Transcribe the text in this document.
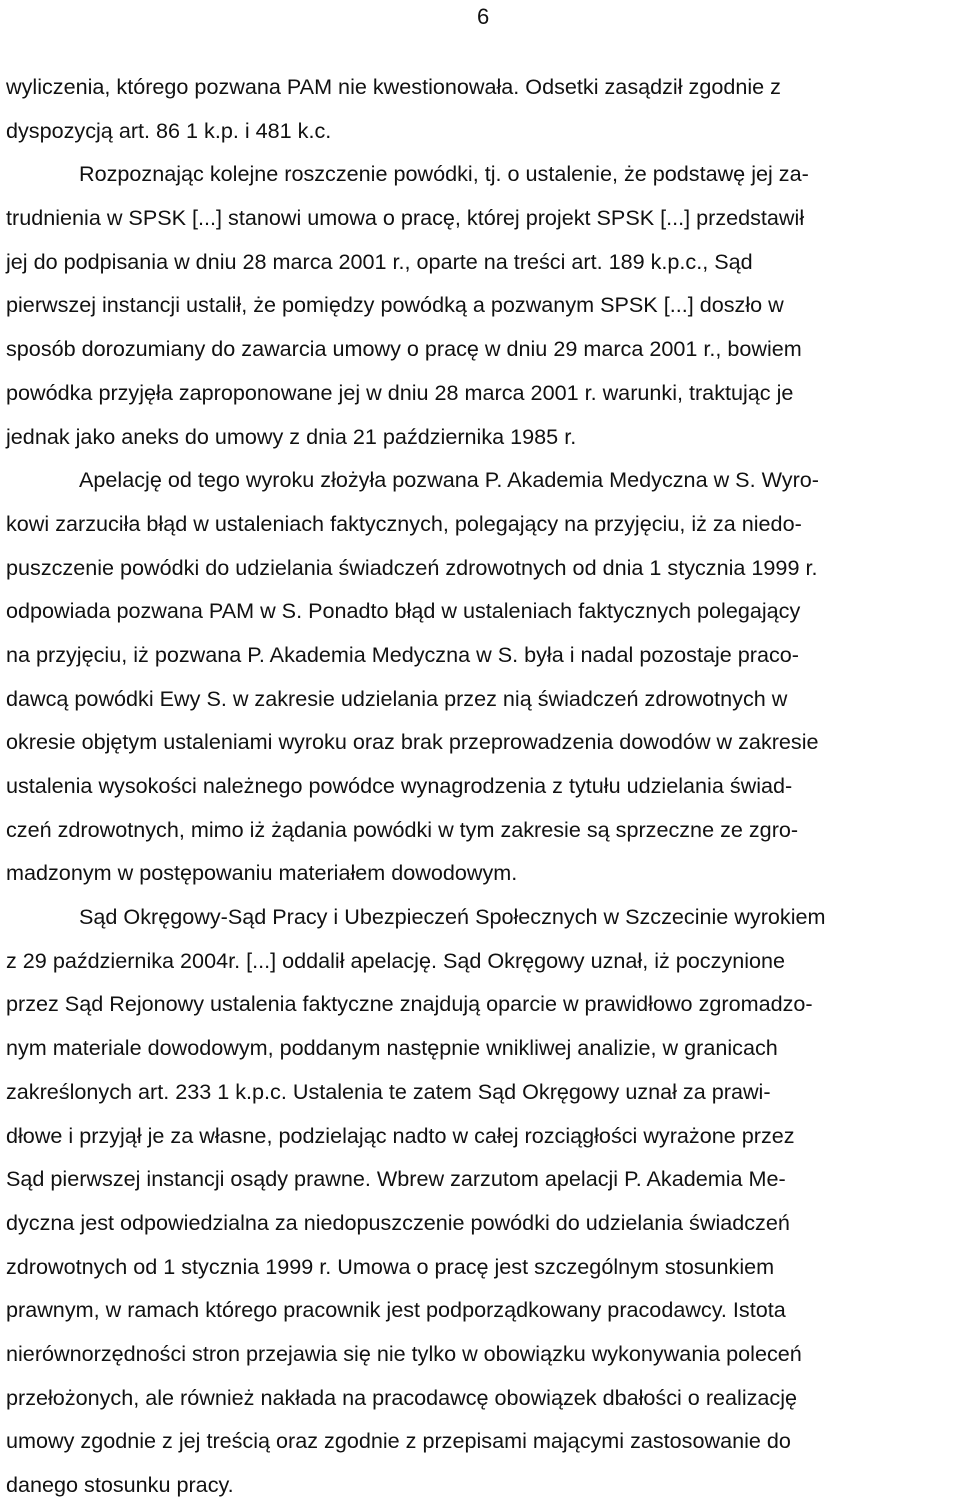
6
wyliczenia, którego pozwana PAM nie kwestionowała. Odsetki zasądził zgodnie z
dyspozycją art. 86 1 k.p. i 481 k.c.
Rozpoznając kolejne roszczenie powódki, tj. o ustalenie, że podstawę jej za-
trudnienia w SPSK [...] stanowi umowa o pracę, której projekt SPSK [...] przedstawił
jej do podpisania w dniu 28 marca 2001 r., oparte na treści art. 189 k.p.c., Sąd
pierwszej instancji ustalił, że pomiędzy powódką a pozwanym SPSK [...] doszło w
sposób dorozumiany do zawarcia umowy o pracę w dniu 29 marca 2001 r., bowiem
powódka przyjęła zaproponowane jej w dniu 28 marca 2001 r. warunki, traktując je
jednak jako aneks do umowy z dnia 21 października 1985 r.
Apelację od tego wyroku złożyła pozwana P. Akademia Medyczna w S. Wyro-
kowi zarzuciła błąd w ustaleniach faktycznych, polegający na przyjęciu, iż za niedo-
puszczenie powódki do udzielania świadczeń zdrowotnych od dnia 1 stycznia 1999 r.
odpowiada pozwana PAM w S. Ponadto błąd w ustaleniach faktycznych polegający
na przyjęciu, iż pozwana P. Akademia Medyczna w S. była i nadal pozostaje praco-
dawcą powódki Ewy S. w zakresie udzielania przez nią świadczeń zdrowotnych w
okresie objętym ustaleniami wyroku oraz brak przeprowadzenia dowodów w zakresie
ustalenia wysokości należnego powódce wynagrodzenia z tytułu udzielania świad-
czeń zdrowotnych, mimo iż żądania powódki w tym zakresie są sprzeczne ze zgro-
madzonym w postępowaniu materiałem dowodowym.
Sąd Okręgowy-Sąd Pracy i Ubezpieczeń Społecznych w Szczecinie wyrokiem
z 29 października 2004r. [...] oddalił apelację. Sąd Okręgowy uznał, iż poczynione
przez Sąd Rejonowy ustalenia faktyczne znajdują oparcie w prawidłowo zgromadzo-
nym materiale dowodowym, poddanym następnie wnikliwej analizie, w granicach
zakreślonych art. 233 1 k.p.c. Ustalenia te zatem Sąd Okręgowy uznał za prawi-
dłowe i przyjął je za własne, podzielając nadto w całej rozciągłości wyrażone przez
Sąd pierwszej instancji osądy prawne. Wbrew zarzutom apelacji P. Akademia Me-
dyczna jest odpowiedzialna za niedopuszczenie powódki do udzielania świadczeń
zdrowotnych od 1 stycznia 1999 r. Umowa o pracę jest szczególnym stosunkiem
prawnym, w ramach którego pracownik jest podporządkowany pracodawcy. Istota
nierównorzędności stron przejawia się nie tylko w obowiązku wykonywania poleceń
przełożonych, ale również nakłada na pracodawcę obowiązek dbałości o realizację
umowy zgodnie z jej treścią oraz zgodnie z przepisami mającymi zastosowanie do
danego stosunku pracy.
